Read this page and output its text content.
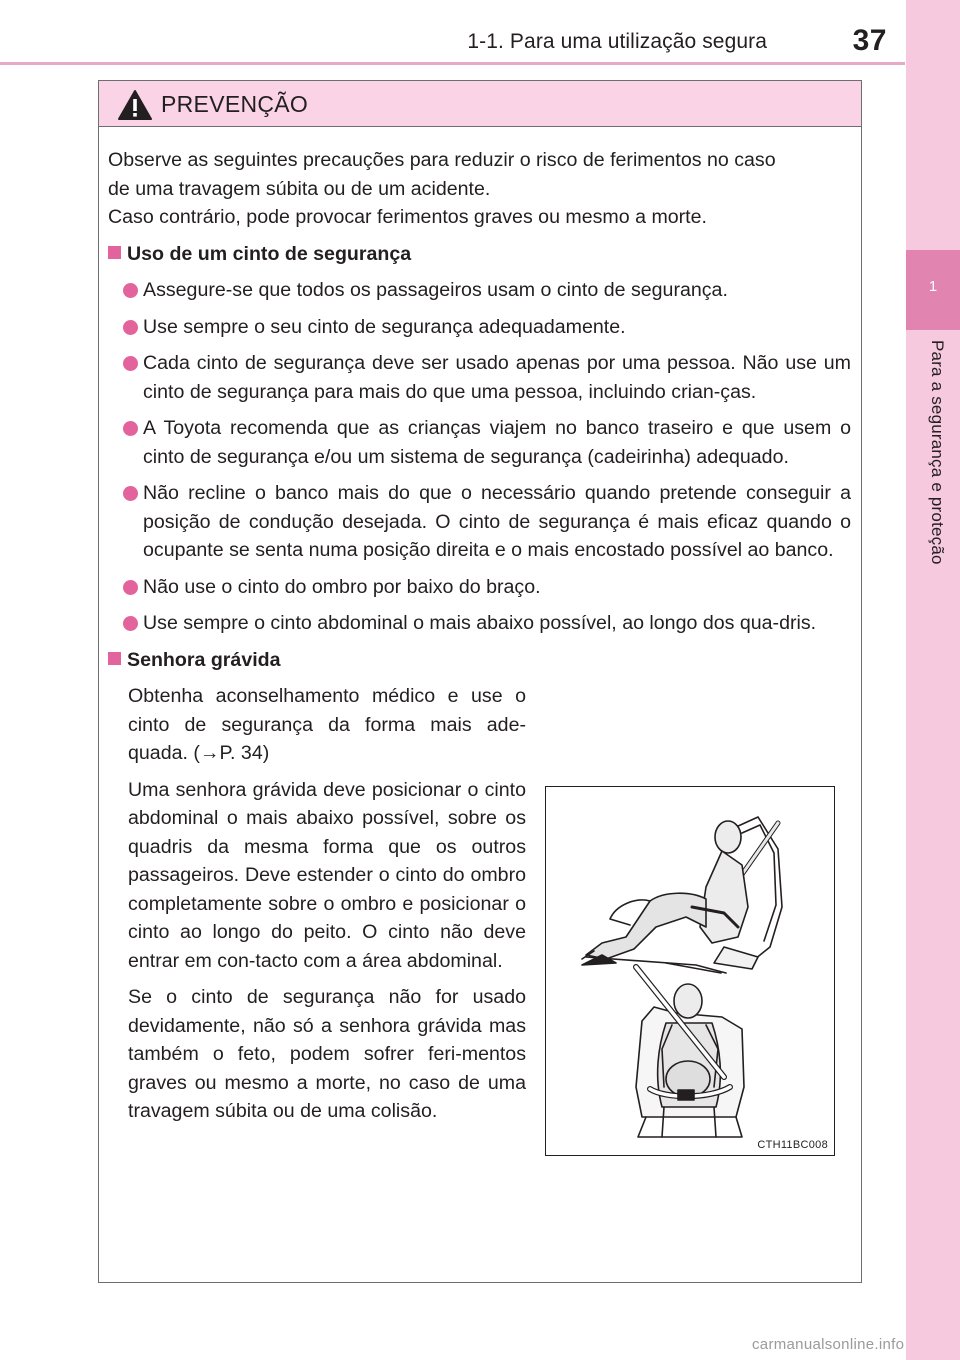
1-1. Para uma utilização segura	37
1
Para a segurança e proteção
PREVENÇÃO
Observe as seguintes precauções para reduzir o risco de ferimentos no caso
de uma travagem súbita ou de um acidente.
Caso contrário, pode provocar ferimentos graves ou mesmo a morte.
Uso de um cinto de segurança
Assegure-se que todos os passageiros usam o cinto de segurança.
Use sempre o seu cinto de segurança adequadamente.
Cada cinto de segurança deve ser usado apenas por uma pessoa. Não use um cinto de segurança para mais do que uma pessoa, incluindo crian-ças.
A Toyota recomenda que as crianças viajem no banco traseiro e que usem o cinto de segurança e/ou um sistema de segurança (cadeirinha) adequado.
Não recline o banco mais do que o necessário quando pretende conseguir a posição de condução desejada. O cinto de segurança é mais eficaz quando o ocupante se senta numa posição direita e o mais encostado possível ao banco.
Não use o cinto do ombro por baixo do braço.
Use sempre o cinto abdominal o mais abaixo possível, ao longo dos qua-dris.
Senhora grávida

Obtenha aconselhamento médico e use o cinto de segurança da forma mais ade-quada. (→P. 34)

Uma senhora grávida deve posicionar o cinto abdominal o mais abaixo possível, sobre os quadris da mesma forma que os outros passageiros. Deve estender o cinto do ombro completamente sobre o ombro e posicionar o cinto ao longo do peito. O cinto não deve entrar em con-tacto com a área abdominal.

Se o cinto de segurança não for usado devidamente, não só a senhora grávida mas também o feto, podem sofrer feri-mentos graves ou mesmo a morte, no caso de uma travagem súbita ou de uma colisão.

CTH11BC008
carmanualsonline.info
